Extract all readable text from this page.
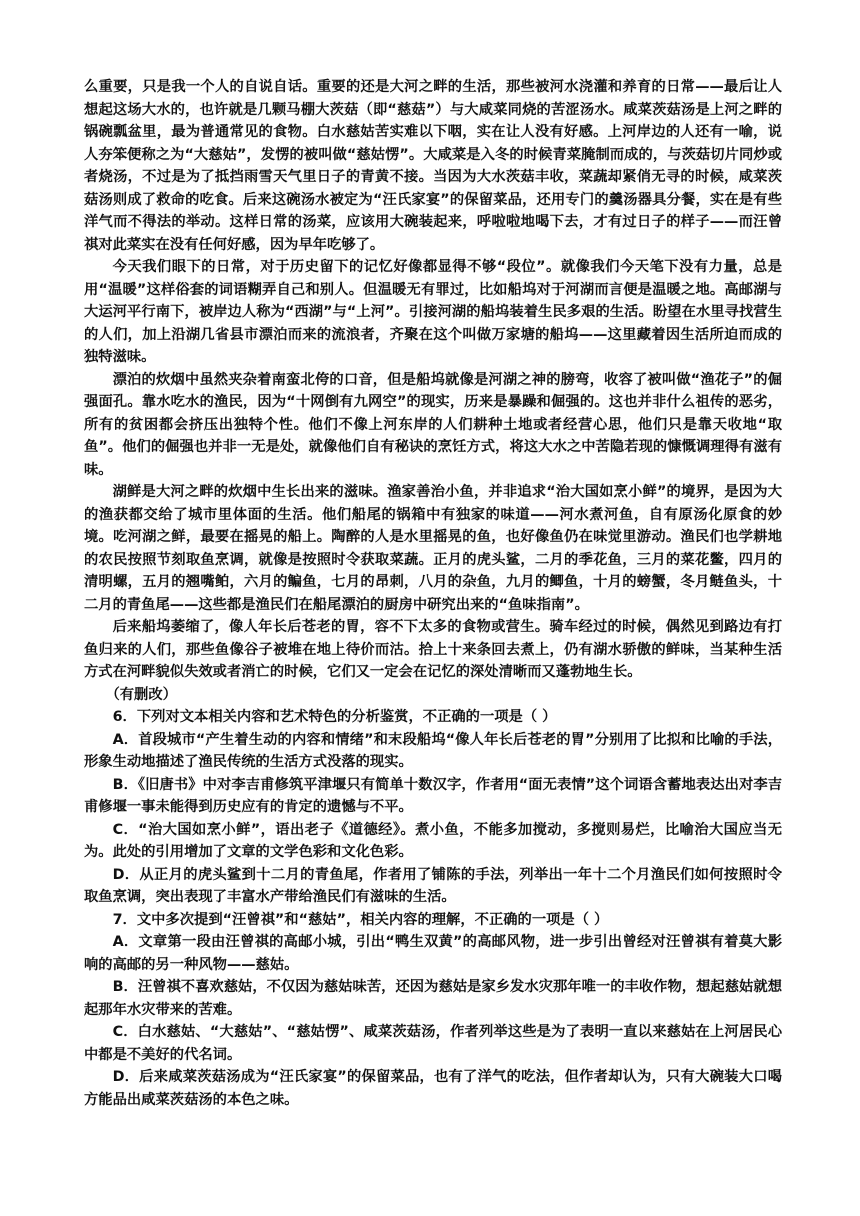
么重要，只是我一个人的自说自话。重要的还是大河之畔的生活，那些被河水浇灌和养育的日常——最后让人想起这场大水的，也许就是几颗马棚大茨菇（即“慈菇”）与大咸菜同烧的苦涩汤水。咸菜茨菇汤是上河之畔的锅碗瓢盆里，最为普通常见的食物。白水慈姑苦实难以下咽，实在让人没有好感。上河岸边的人还有一喻，说人夯笨便称之为“大慈姑”，发愣的被叫做“慈姑愣”。大咸菜是入冬的时候青菜腌制而成的，与茨菇切片同炒或者烧汤，不过是为了抵挡雨雪天气里日子的青黄不接。当因为大水茨菇丰收，菜蔬却紧俏无寻的时候，咸菜茨菇汤则成了救命的吃食。后来这碗汤水被定为“汪氏家宴”的保留菜品，还用专门的羹汤器具分餐，实在是有些洋气而不得法的举动。这样日常的汤菜，应该用大碗装起来，呼啦啦地喝下去，才有过日子的样子——而汪曾祺对此菜实在没有任何好感，因为早年吃够了。

今天我们眼下的日常，对于历史留下的记忆好像都显得不够“段位”。就像我们今天笔下没有力量，总是用“温暖”这样俗套的词语糊弄自己和别人。但温暖无有罪过，比如船坞对于河湖而言便是温暖之地。高邮湖与大运河平行南下，被岸边人称为“西湖”与“上河”。引接河湖的船坞装着生民多艰的生活。盼望在水里寻找营生的人们，加上沿湖几省县市漂泊而来的流浪者，齐聚在这个叫做万家塘的船坞——这里藏着因生活所迫而成的独特滋味。

漂泊的炊烟中虽然夹杂着南蛮北侉的口音，但是船坞就像是河湖之神的膀弯，收容了被叫做“渔花子”的倔强面孔。靠水吃水的渔民，因为“十网倒有九网空”的现实，历来是暴躁和倔强的。这也并非什么祖传的恶劣，所有的贫困都会挤压出独特个性。他们不像上河东岸的人们耕种土地或者经营心思，他们只是靠天收地“取鱼”。他们的倔强也并非一无是处，就像他们自有秘诀的烹饪方式，将这大水之中苦隐若现的慷慨调理得有滋有味。

湖鲜是大河之畔的炊烟中生长出来的滋味。渔家善治小鱼，并非追求“治大国如烹小鲜”的境界，是因为大的渔获都交给了城市里体面的生活。他们船尾的锅箱中有独家的味道——河水煮河鱼，自有原汤化原食的妙境。吃河湖之鲜，最要在摇晃的船上。陶醉的人是水里摇晃的鱼，也好像鱼仍在味觉里游动。渔民们也学耕地的农民按照节刻取鱼烹调，就像是按照时令获取菜蔬。正月的虎头鲨，二月的季花鱼，三月的菜花鳖，四月的清明螺，五月的翘嘴鲌，六月的鳊鱼，七月的昂刺，八月的杂鱼，九月的鲫鱼，十月的螃蟹，冬月鲢鱼头，十二月的青鱼尾——这些都是渔民们在船尾漂泊的厨房中研究出来的“鱼味指南”。

后来船坞萎缩了，像人年长后苍老的胃，容不下太多的食物或营生。骑车经过的时候，偶然见到路边有打鱼归来的人们，那些鱼像谷子被堆在地上待价而沽。拾上十来条回去煮上，仍有湖水骄傲的鲜味，当某种生活方式在河畔貌似失效或者消亡的时候，它们又一定会在记忆的深处清晰而又蓬勃地生长。

（有删改）

6．下列对文本相关内容和艺术特色的分析鉴赏，不正确的一项是（ ）

A．首段城市“产生着生动的内容和情绪”和末段船坞“像人年长后苍老的胃”分别用了比拟和比喻的手法，形象生动地描述了渔民传统的生活方式没落的现实。

B．《旧唐书》中对李吉甫修筑平津堰只有简单十数汉字，作者用“面无表情”这个词语含蓄地表达出对李吉甫修堰一事未能得到历史应有的肯定的遗憾与不平。

C．“治大国如烹小鲜”，语出老子《道德经》。煮小鱼，不能多加搅动，多搅则易烂，比喻治大国应当无为。此处的引用增加了文章的文学色彩和文化色彩。

D．从正月的虎头鲨到十二月的青鱼尾，作者用了铺陈的手法，列举出一年十二个月渔民们如何按照时令取鱼烹调，突出表现了丰富水产带给渔民们有滋味的生活。

7．文中多次提到“汪曾祺”和“慈姑”，相关内容的理解，不正确的一项是（ ）

A．文章第一段由汪曾祺的高邮小城，引出“鸭生双黄”的高邮风物，进一步引出曾经对汪曾祺有着莫大影响的高邮的另一种风物——慈姑。

B．汪曾祺不喜欢慈姑，不仅因为慈姑味苦，还因为慈姑是家乡发水灾那年唯一的丰收作物，想起慈姑就想起那年水灾带来的苦难。

C．白水慈姑、“大慈姑”、“慈姑愣”、咸菜茨菇汤，作者列举这些是为了表明一直以来慈姑在上河居民心中都是不美好的代名词。

D．后来咸菜茨菇汤成为“汪氏家宴”的保留菜品，也有了洋气的吃法，但作者却认为，只有大碗装大口喝方能品出咸菜茨菇汤的本色之味。
